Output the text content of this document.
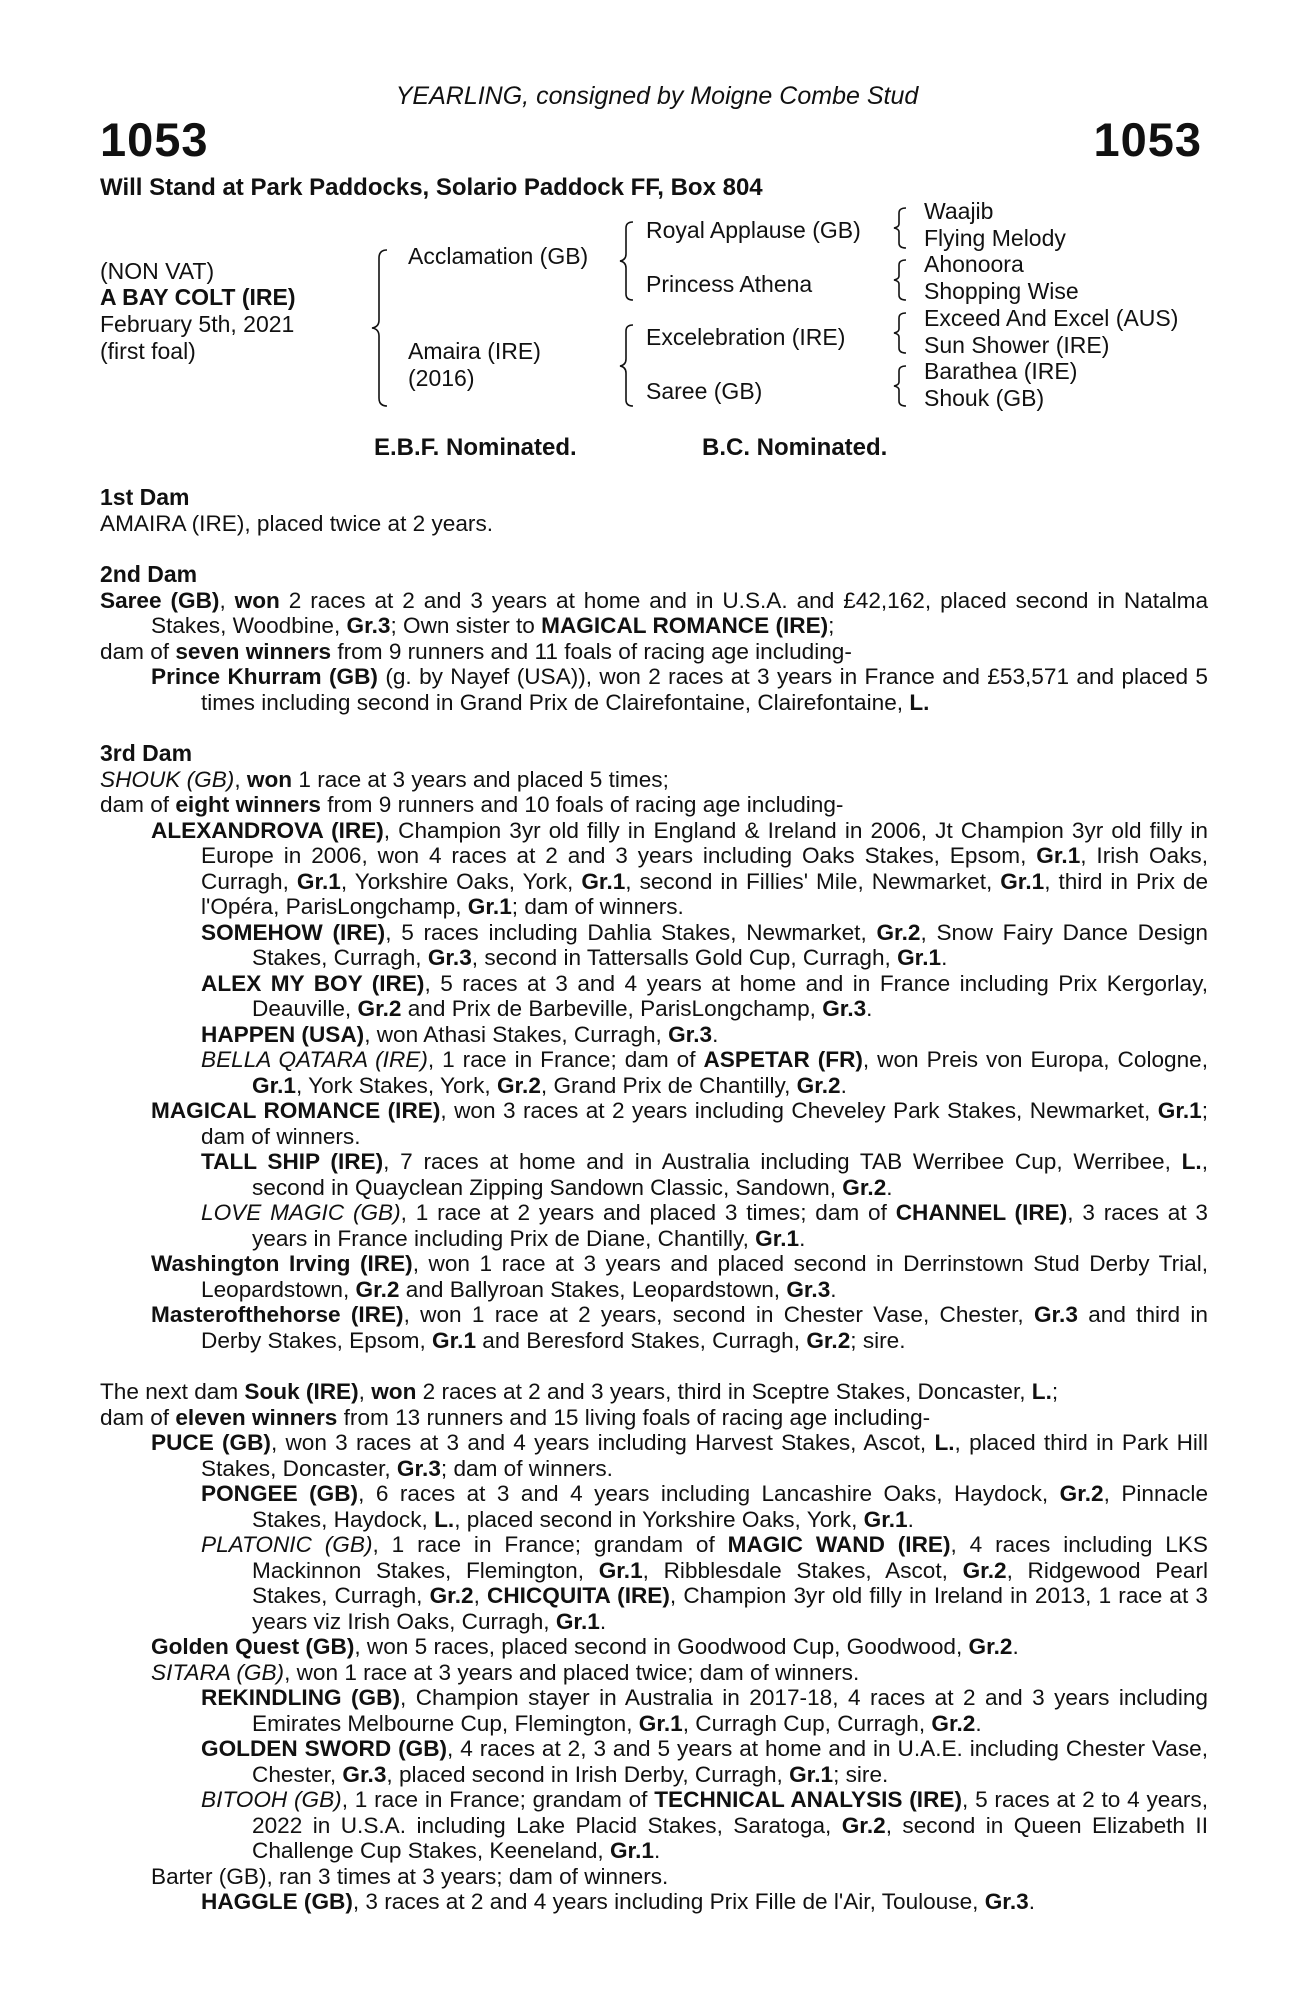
YEARLING, consigned by Moigne Combe Stud
1053	1053
Will Stand at Park Paddocks, Solario Paddock FF, Box 804
(NON VAT)
A BAY COLT (IRE)
February 5th, 2021
(first foal)
Acclamation (GB)
Amaira (IRE)
(2016)
Royal Applause (GB)
Princess Athena
Excelebration (IRE)
Saree (GB)
Waajib
Flying Melody
Ahonoora
Shopping Wise
Exceed And Excel (AUS)
Sun Shower (IRE)
Barathea (IRE)
Shouk (GB)
E.B.F. Nominated.	B.C. Nominated.

1st Dam

AMAIRA (IRE), placed twice at 2 years.

2nd Dam

Saree (GB), won 2 races at 2 and 3 years at home and in U.S.A. and £42,162, placed second in Natalma Stakes, Woodbine, Gr.3; Own sister to MAGICAL ROMANCE (IRE);

dam of seven winners from 9 runners and 11 foals of racing age including-

Prince Khurram (GB) (g. by Nayef (USA)), won 2 races at 3 years in France and £53,571 and placed 5 times including second in Grand Prix de Clairefontaine, Clairefontaine, L.

3rd Dam

SHOUK (GB), won 1 race at 3 years and placed 5 times;

dam of eight winners from 9 runners and 10 foals of racing age including-

ALEXANDROVA (IRE), Champion 3yr old filly in England & Ireland in 2006, Jt Champion 3yr old filly in Europe in 2006, won 4 races at 2 and 3 years including Oaks Stakes, Epsom, Gr.1, Irish Oaks, Curragh, Gr.1, Yorkshire Oaks, York, Gr.1, second in Fillies' Mile, Newmarket, Gr.1, third in Prix de l'Opéra, ParisLongchamp, Gr.1; dam of winners.

SOMEHOW (IRE), 5 races including Dahlia Stakes, Newmarket, Gr.2, Snow Fairy Dance Design Stakes, Curragh, Gr.3, second in Tattersalls Gold Cup, Curragh, Gr.1.

ALEX MY BOY (IRE), 5 races at 3 and 4 years at home and in France including Prix Kergorlay, Deauville, Gr.2 and Prix de Barbeville, ParisLongchamp, Gr.3.

HAPPEN (USA), won Athasi Stakes, Curragh, Gr.3.

BELLA QATARA (IRE), 1 race in France; dam of ASPETAR (FR), won Preis von Europa, Cologne, Gr.1, York Stakes, York, Gr.2, Grand Prix de Chantilly, Gr.2.

MAGICAL ROMANCE (IRE), won 3 races at 2 years including Cheveley Park Stakes, Newmarket, Gr.1; dam of winners.

TALL SHIP (IRE), 7 races at home and in Australia including TAB Werribee Cup, Werribee, L., second in Quayclean Zipping Sandown Classic, Sandown, Gr.2.

LOVE MAGIC (GB), 1 race at 2 years and placed 3 times; dam of CHANNEL (IRE), 3 races at 3 years in France including Prix de Diane, Chantilly, Gr.1.

Washington Irving (IRE), won 1 race at 3 years and placed second in Derrinstown Stud Derby Trial, Leopardstown, Gr.2 and Ballyroan Stakes, Leopardstown, Gr.3.

Masterofthehorse (IRE), won 1 race at 2 years, second in Chester Vase, Chester, Gr.3 and third in Derby Stakes, Epsom, Gr.1 and Beresford Stakes, Curragh, Gr.2; sire.

The next dam Souk (IRE), won 2 races at 2 and 3 years, third in Sceptre Stakes, Doncaster, L.;

dam of eleven winners from 13 runners and 15 living foals of racing age including-

PUCE (GB), won 3 races at 3 and 4 years including Harvest Stakes, Ascot, L., placed third in Park Hill Stakes, Doncaster, Gr.3; dam of winners.

PONGEE (GB), 6 races at 3 and 4 years including Lancashire Oaks, Haydock, Gr.2, Pinnacle Stakes, Haydock, L., placed second in Yorkshire Oaks, York, Gr.1.

PLATONIC (GB), 1 race in France; grandam of MAGIC WAND (IRE), 4 races including LKS Mackinnon Stakes, Flemington, Gr.1, Ribblesdale Stakes, Ascot, Gr.2, Ridgewood Pearl Stakes, Curragh, Gr.2, CHICQUITA (IRE), Champion 3yr old filly in Ireland in 2013, 1 race at 3 years viz Irish Oaks, Curragh, Gr.1.

Golden Quest (GB), won 5 races, placed second in Goodwood Cup, Goodwood, Gr.2.

SITARA (GB), won 1 race at 3 years and placed twice; dam of winners.

REKINDLING (GB), Champion stayer in Australia in 2017-18, 4 races at 2 and 3 years including Emirates Melbourne Cup, Flemington, Gr.1, Curragh Cup, Curragh, Gr.2.

GOLDEN SWORD (GB), 4 races at 2, 3 and 5 years at home and in U.A.E. including Chester Vase, Chester, Gr.3, placed second in Irish Derby, Curragh, Gr.1; sire.

BITOOH (GB), 1 race in France; grandam of TECHNICAL ANALYSIS (IRE), 5 races at 2 to 4 years, 2022 in U.S.A. including Lake Placid Stakes, Saratoga, Gr.2, second in Queen Elizabeth II Challenge Cup Stakes, Keeneland, Gr.1.

Barter (GB), ran 3 times at 3 years; dam of winners.

HAGGLE (GB), 3 races at 2 and 4 years including Prix Fille de l'Air, Toulouse, Gr.3.
